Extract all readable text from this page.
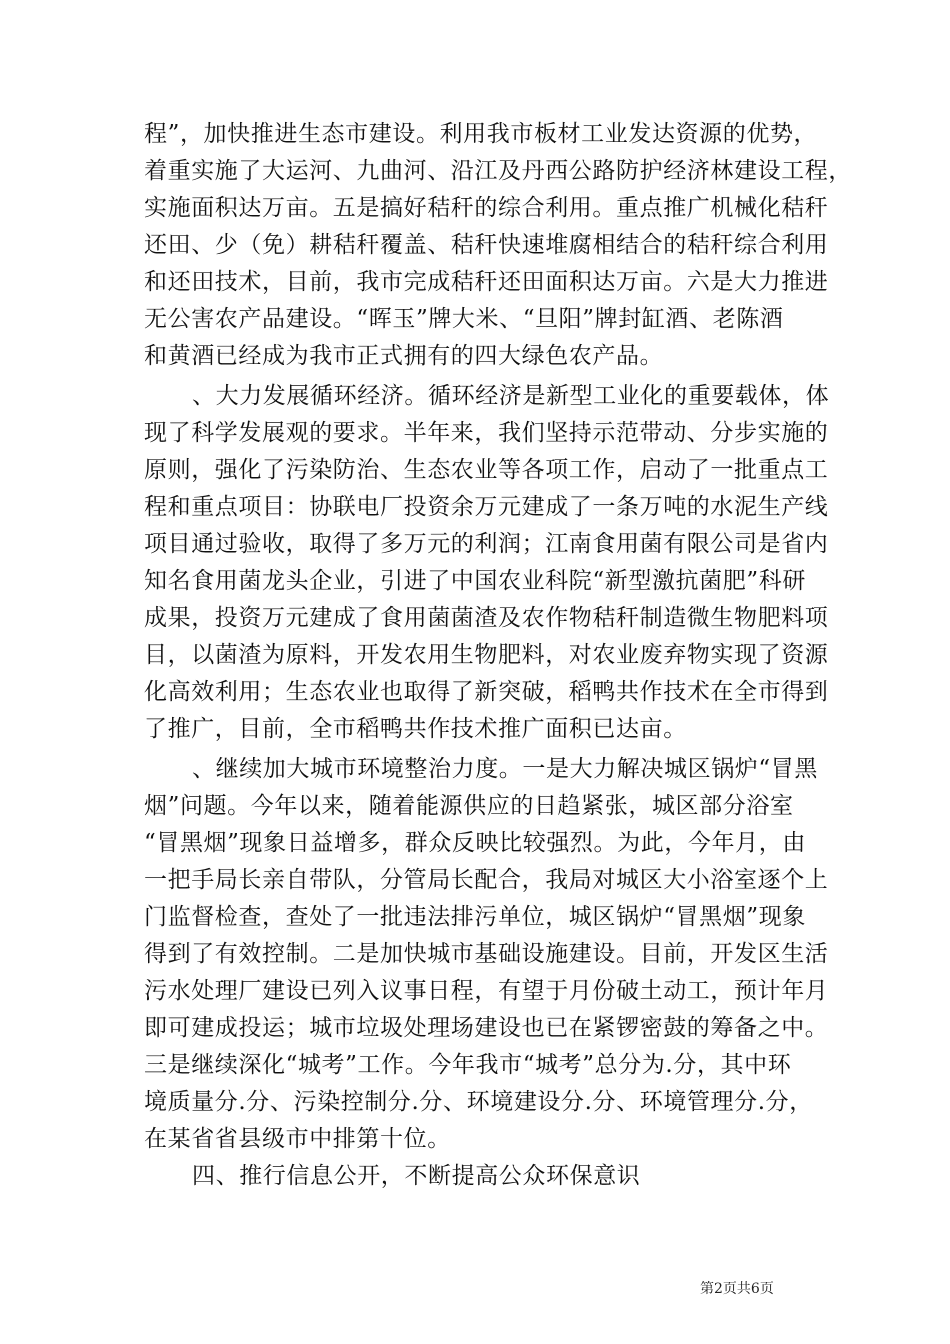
程”，加快推进生态市建设。利用我市板材工业发达资源的优势，
着重实施了大运河、九曲河、沿江及丹西公路防护经济林建设工程，
实施面积达万亩。五是搞好秸秆的综合利用。重点推广机械化秸秆
还田、少（免）耕秸秆覆盖、秸秆快速堆腐相结合的秸秆综合利用
和还田技术，目前，我市完成秸秆还田面积达万亩。六是大力推进
无公害农产品建设。“晖玉”牌大米、“旦阳”牌封缸酒、老陈酒
和黄酒已经成为我市正式拥有的四大绿色农产品。
、大力发展循环经济。循环经济是新型工业化的重要载体，体
现了科学发展观的要求。半年来，我们坚持示范带动、分步实施的
原则，强化了污染防治、生态农业等各项工作，启动了一批重点工
程和重点项目：协联电厂投资余万元建成了一条万吨的水泥生产线
项目通过验收，取得了多万元的利润；江南食用菌有限公司是省内
知名食用菌龙头企业，引进了中国农业科院“新型激抗菌肥”科研
成果，投资万元建成了食用菌菌渣及农作物秸秆制造微生物肥料项
目，以菌渣为原料，开发农用生物肥料，对农业废弃物实现了资源
化高效利用；生态农业也取得了新突破，稻鸭共作技术在全市得到
了推广，目前，全市稻鸭共作技术推广面积已达亩。
、继续加大城市环境整治力度。一是大力解决城区锅炉“冒黑
烟”问题。今年以来，随着能源供应的日趋紧张，城区部分浴室
“冒黑烟”现象日益增多，群众反映比较强烈。为此，今年月，由
一把手局长亲自带队，分管局长配合，我局对城区大小浴室逐个上
门监督检查，查处了一批违法排污单位，城区锅炉“冒黑烟”现象
得到了有效控制。二是加快城市基础设施建设。目前，开发区生活
污水处理厂建设已列入议事日程，有望于月份破土动工，预计年月
即可建成投运；城市垃圾处理场建设也已在紧锣密鼓的筹备之中。
三是继续深化“城考”工作。今年我市“城考”总分为.分，其中环
境质量分.分、污染控制分.分、环境建设分.分、环境管理分.分，
在某省省县级市中排第十位。
四、推行信息公开，不断提高公众环保意识
第2页共6页
